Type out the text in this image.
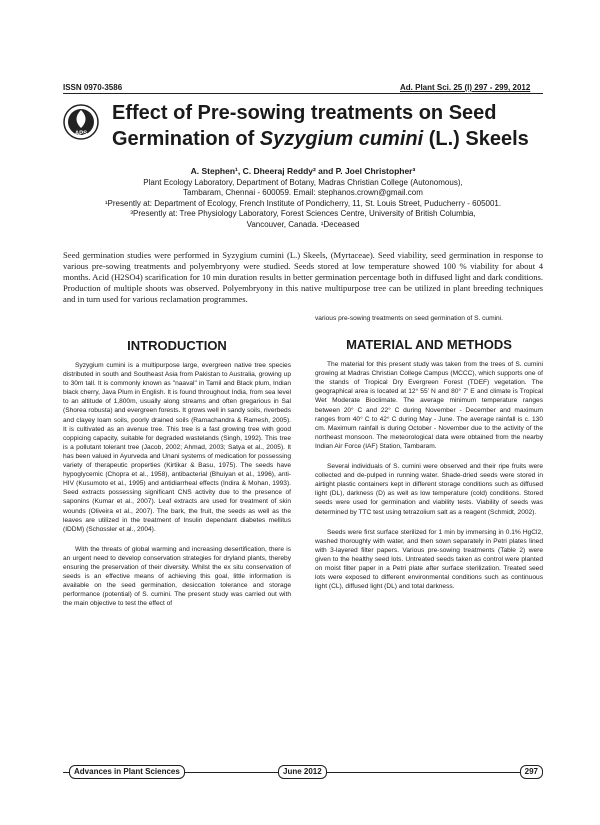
ISSN 0970-3586	Ad. Plant Sci. 25 (I) 297 - 299, 2012
APS
Effect of Pre-sowing treatments on Seed Germination of Syzygium cumini (L.) Skeels
A. Stephen¹, C. Dheeraj Reddy² and P. Joel Christopher³
Plant Ecology Laboratory, Department of Botany, Madras Christian College (Autonomous),
Tambaram, Chennai - 600059. Email: stephanos.crown@gmail.com
¹Presently at: Department of Ecology, French Institute of Pondicherry, 11, St. Louis Street, Puducherry - 605001.
³Presently at: Tree Physiology Laboratory, Forest Sciences Centre, University of British Columbia,
Vancouver, Canada. ¹Deceased
Seed germination studies were performed in Syzygium cumini (L.) Skeels, (Myrtaceae). Seed viability, seed germination in response to various pre-sowing treatments and polyembryony were studied. Seeds stored at low temperature showed 100 % viability for about 4 months. Acid (H2SO4) scarification for 10 min duration results in better germination percentage both in diffused light and dark conditions. Production of multiple shoots was observed. Polyembryony in this native multipurpose tree can be utilized in plant breeding techniques and in turn used for various reclamation programmes.
INTRODUCTION

Syzygium cumini is a multipurpose large, evergreen native tree species distributed in south and Southeast Asia from Pakistan to Australia, growing up to 30m tall. It is commonly known as "naaval" in Tamil and Black plum, Indian black cherry, Java Plum in English. It is found throughout India, from sea level to an altitude of 1,800m, usually along streams and often gregarious in Sal (Shorea robusta) and evergreen forests. It grows well in sandy soils, riverbeds and clayey loam soils, poorly drained soils (Ramachandra & Ramesh, 2005). It is cultivated as an avenue tree. This tree is a fast growing tree with good coppicing capacity, suitable for degraded wastelands (Singh, 1992). This tree is a pollutant tolerant tree (Jacob, 2002; Ahmad, 2003; Satya et al., 2005). It has been valued in Ayurveda and Unani systems of medication for possessing variety of therapeutic properties (Kirtikar & Basu, 1975). The seeds have hypoglycemic (Chopra et al., 1958), antibacterial (Bhuiyan et al., 1996), anti-HIV (Kusumoto et al., 1995) and antidiarrheal effects (Indira & Mohan, 1993). Seed extracts possessing significant CNS activity due to the presence of saponins (Kumar et al., 2007). Leaf extracts are used for treatment of skin wounds (Oliveira et al., 2007). The bark, the fruit, the seeds as well as the leaves are utilized in the treatment of Insulin dependant diabetes mellitus (IDDM) (Schossler et al., 2004).

With the threats of global warming and increasing desertification, there is an urgent need to develop conservation strategies for dryland plants, thereby ensuring the preservation of their diversity. Whilst the ex situ conservation of seeds is an effective means of achieving this goal, little information is available on the seed germination, desiccation tolerance and storage performance (potential) of S. cumini. The present study was carried out with the main objective to test the effect of

various pre-sowing treatments on seed germination of S. cumini.

MATERIAL AND METHODS

The material for this present study was taken from the trees of S. cumini growing at Madras Christian College Campus (MCCC), which supports one of the stands of Tropical Dry Evergreen Forest (TDEF) vegetation. The geographical area is located at 12° 55' N and 80° 7' E and climate is Tropical Wet Moderate Bioclimate. The average minimum temperature ranges between 20° C and 22° C during November - December and maximum ranges from 40° C to 42° C during May - June. The average rainfall is c. 130 cm. Maximum rainfall is during October - November due to the activity of the northeast monsoon. The meteorological data were obtained from the nearby Indian Air Force (IAF) Station, Tambaram.

Several individuals of S. cumini were observed and their ripe fruits were collected and de-pulped in running water. Shade-dried seeds were stored in airtight plastic containers kept in different storage conditions such as diffused light (DL), darkness (D) as well as low temperature (cold) conditions. Stored seeds were used for germination and viability tests. Viability of seeds was determined by TTC test using tetrazolium salt as a reagent (Schmidt, 2002).

Seeds were first surface sterilized for 1 min by immersing in 0.1% HgCl2, washed thoroughly with water, and then sown separately in Petri plates lined with 3-layered filter papers. Various pre-sowing treatments (Table 2) were given to the healthy seed lots. Untreated seeds taken as control were planted on moist filter paper in a Petri plate after surface sterilization. Treated seed lots were exposed to different environmental conditions such as continuous light (CL), diffused light (DL) and total darkness.

Advances in Plant Sciences	June 2012	297
